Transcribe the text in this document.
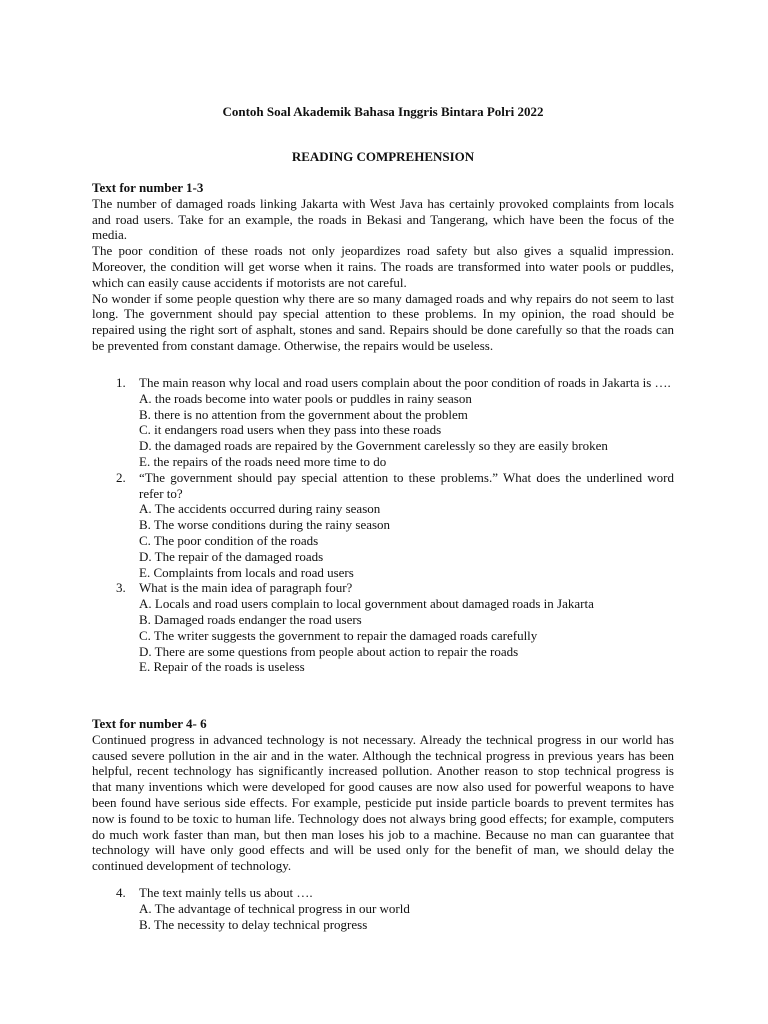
Contoh Soal Akademik Bahasa Inggris Bintara Polri 2022
READING COMPREHENSION
Text for number 1-3

The number of damaged roads linking Jakarta with West Java has certainly provoked complaints from locals and road users. Take for an example, the roads in Bekasi and Tangerang, which have been the focus of the media.

The poor condition of these roads not only jeopardizes road safety but also gives a squalid impression. Moreover, the condition will get worse when it rains. The roads are transformed into water pools or puddles, which can easily cause accidents if motorists are not careful.

No wonder if some people question why there are so many damaged roads and why repairs do not seem to last long. The government should pay special attention to these problems. In my opinion, the road should be repaired using the right sort of asphalt, stones and sand. Repairs should be done carefully so that the roads can be prevented from constant damage. Otherwise, the repairs would be useless.

1. The main reason why local and road users complain about the poor condition of roads in Jakarta is ….
A. the roads become into water pools or puddles in rainy season
B. there is no attention from the government about the problem
C. it endangers road users when they pass into these roads
D. the damaged roads are repaired by the Government carelessly so they are easily broken
E. the repairs of the roads need more time to do
2. “The government should pay special attention to these problems.” What does the underlined word refer to?
A. The accidents occurred during rainy season
B. The worse conditions during the rainy season
C. The poor condition of the roads
D. The repair of the damaged roads
E. Complaints from locals and road users
3. What is the main idea of paragraph four?
A. Locals and road users complain to local government about damaged roads in Jakarta
B. Damaged roads endanger the road users
C. The writer suggests the government to repair the damaged roads carefully
D. There are some questions from people about action to repair the roads
E. Repair of the roads is useless
Text for number 4- 6

Continued progress in advanced technology is not necessary. Already the technical progress in our world has caused severe pollution in the air and in the water. Although the technical progress in previous years has been helpful, recent technology has significantly increased pollution. Another reason to stop technical progress is that many inventions which were developed for good causes are now also used for powerful weapons to have been found have serious side effects. For example, pesticide put inside particle boards to prevent termites has now is found to be toxic to human life. Technology does not always bring good effects; for example, computers do much work faster than man, but then man loses his job to a machine. Because no man can guarantee that technology will have only good effects and will be used only for the benefit of man, we should delay the continued development of technology.

4. The text mainly tells us about ….
A. The advantage of technical progress in our world
B. The necessity to delay technical progress
